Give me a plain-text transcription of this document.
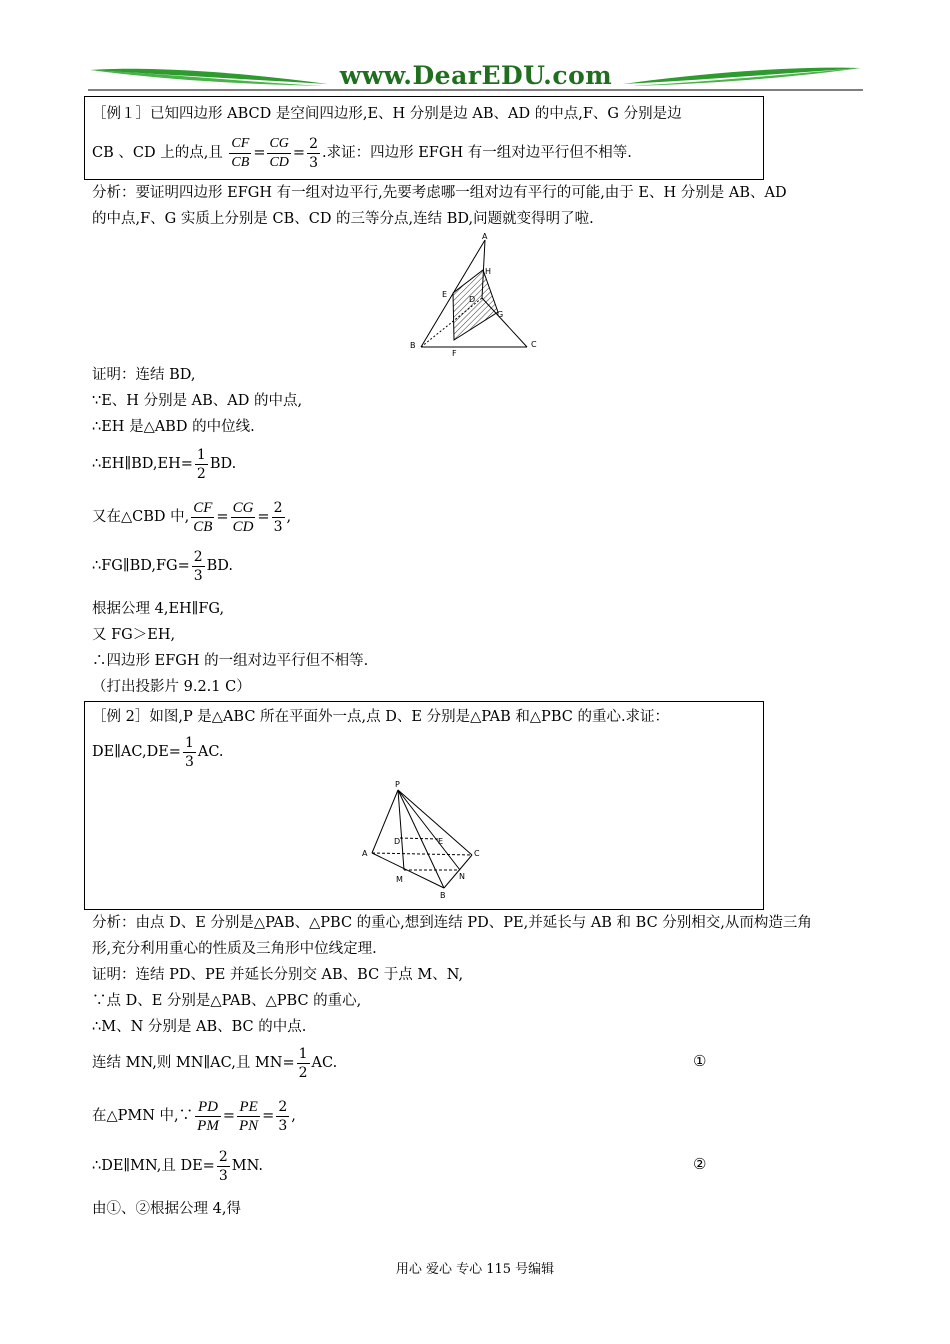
www.DearEDU.com
［例１］已知四边形 ABCD 是空间四边形,E、H 分别是边 AB、AD 的中点,F、G 分别是边
CB 、CD 上的点,且 $\frac{CF}{CB} = \frac{CG}{CD} = \frac{2}{3}$ .求证：四边形 EFGH 有一组对边平行但不相等.
分析：要证明四边形 EFGH 有一组对边平行,先要考虑哪一组对边有平行的可能,由于 E、H 分别是 AB、AD
的中点,F、G 实质上分别是 CB、CD 的三等分点,连结 BD,问题就变得明了啦.
A
H
E
D
G
B
F
C
证明：连结 BD,
∵E、H 分别是 AB、AD 的中点,
∴EH 是△ABD 的中位线.
∴EH∥BD,EH= $\frac{1}{2}$ BD.
又在△CBD 中, $\frac{CF}{CB} = \frac{CG}{CD} = \frac{2}{3}$ ,
∴FG∥BD,FG= $\frac{2}{3}$ BD.
根据公理 4,EH∥FG,
又 FG＞EH,
∴四边形 EFGH 的一组对边平行但不相等.
（打出投影片 9.2.1 C）
［例 2］如图,P 是△ABC 所在平面外一点,点 D、E 分别是△PAB 和△PBC 的重心.求证：
DE∥AC,DE= $\frac{1}{3}$ AC.
P
D	E
A	C
M	N
B
分析：由点 D、E 分别是△PAB、△PBC 的重心,想到连结 PD、PE,并延长与 AB 和 BC 分别相交,从而构造三角
形,充分利用重心的性质及三角形中位线定理.
证明：连结 PD、PE 并延长分别交 AB、BC 于点 M、N,
∵点 D、E 分别是△PAB、△PBC 的重心,
∴M、N 分别是 AB、BC 的中点.
连结 MN,则 MN∥AC,且 $MN= \frac{1}{2}$ AC.	①
在△PMN 中,∵ $\frac{PD}{PM} = \frac{PE}{PN} = \frac{2}{3}$ ,
∴DE∥MN,且 $DE= \frac{2}{3}$ MN.	②
由①、②根据公理 4,得
用心 爱心 专心 115 号编辑
